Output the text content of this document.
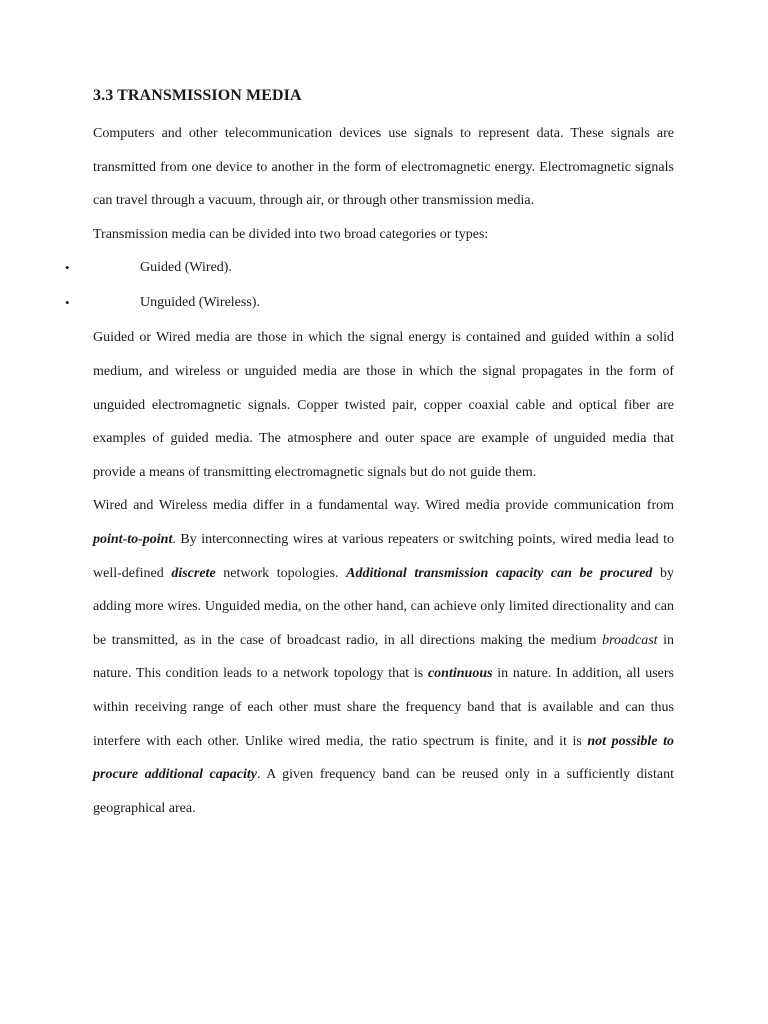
3.3 TRANSMISSION MEDIA

Computers and other telecommunication devices use signals to represent data. These signals are transmitted from one device to another in the form of electromagnetic energy. Electromagnetic signals can travel through a vacuum, through air, or through other transmission media.

Transmission media can be divided into two broad categories or types:

•	Guided (Wired).
•	Unguided (Wireless).

Guided or Wired media are those in which the signal energy is contained and guided within a solid medium, and wireless or unguided media are those in which the signal propagates in the form of unguided electromagnetic signals. Copper twisted pair, copper coaxial cable and optical fiber are examples of guided media. The atmosphere and outer space are example of unguided media that provide a means of transmitting electromagnetic signals but do not guide them.

Wired and Wireless media differ in a fundamental way. Wired media provide communication from point-to-point. By interconnecting wires at various repeaters or switching points, wired media lead to well-defined discrete network topologies. Additional transmission capacity can be procured by adding more wires. Unguided media, on the other hand, can achieve only limited directionality and can be transmitted, as in the case of broadcast radio, in all directions making the medium broadcast in nature. This condition leads to a network topology that is continuous in nature. In addition, all users within receiving range of each other must share the frequency band that is available and can thus interfere with each other. Unlike wired media, the ratio spectrum is finite, and it is not possible to procure additional capacity. A given frequency band can be reused only in a sufficiently distant geographical area.
